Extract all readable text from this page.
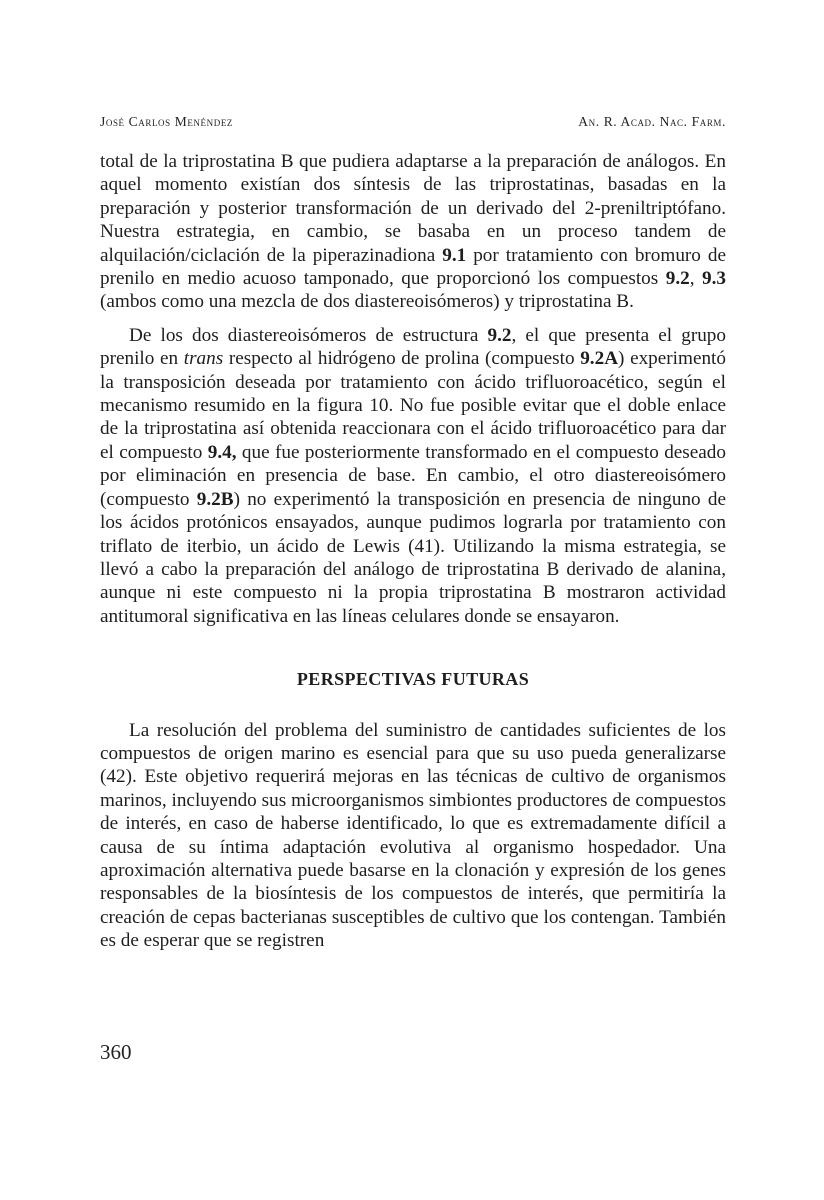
José Carlos Menéndez	An. R. Acad. Nac. Farm.

total de la triprostatina B que pudiera adaptarse a la preparación de análogos. En aquel momento existían dos síntesis de las triprostatinas, basadas en la preparación y posterior transformación de un derivado del 2-preniltriptófano. Nuestra estrategia, en cambio, se basaba en un proceso tandem de alquilación/ciclación de la piperazinadiona 9.1 por tratamiento con bromuro de prenilo en medio acuoso tamponado, que proporcionó los compuestos 9.2, 9.3 (ambos como una mezcla de dos diastereoisómeros) y triprostatina B.

De los dos diastereoisómeros de estructura 9.2, el que presenta el grupo prenilo en trans respecto al hidrógeno de prolina (compuesto 9.2A) experimentó la transposición deseada por tratamiento con ácido trifluoroacético, según el mecanismo resumido en la figura 10. No fue posible evitar que el doble enlace de la triprostatina así obtenida reaccionara con el ácido trifluoroacético para dar el compuesto 9.4, que fue posteriormente transformado en el compuesto deseado por eliminación en presencia de base. En cambio, el otro diastereoisómero (compuesto 9.2B) no experimentó la transposición en presencia de ninguno de los ácidos protónicos ensayados, aunque pudimos lograrla por tratamiento con triflato de iterbio, un ácido de Lewis (41). Utilizando la misma estrategia, se llevó a cabo la preparación del análogo de triprostatina B derivado de alanina, aunque ni este compuesto ni la propia triprostatina B mostraron actividad antitumoral significativa en las líneas celulares donde se ensayaron.

PERSPECTIVAS FUTURAS

La resolución del problema del suministro de cantidades suficientes de los compuestos de origen marino es esencial para que su uso pueda generalizarse (42). Este objetivo requerirá mejoras en las técnicas de cultivo de organismos marinos, incluyendo sus microorganismos simbiontes productores de compuestos de interés, en caso de haberse identificado, lo que es extremadamente difícil a causa de su íntima adaptación evolutiva al organismo hospedador. Una aproximación alternativa puede basarse en la clonación y expresión de los genes responsables de la biosíntesis de los compuestos de interés, que permitiría la creación de cepas bacterianas susceptibles de cultivo que los contengan. También es de esperar que se registren

360
